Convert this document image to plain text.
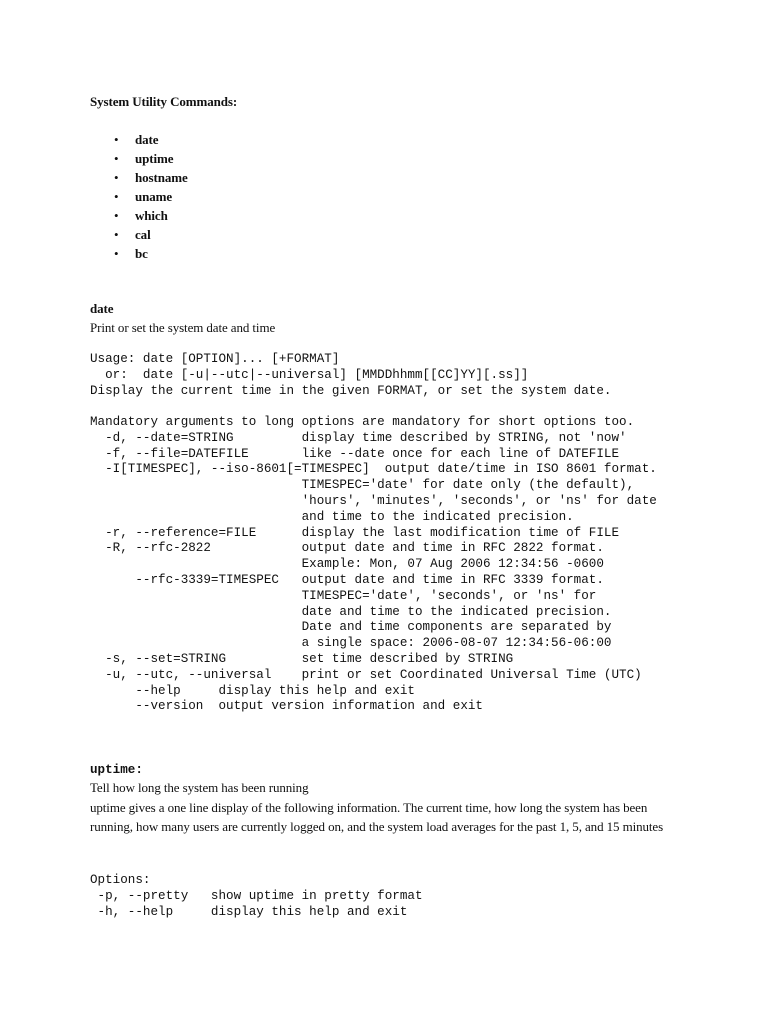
System Utility Commands:
• date
• uptime
• hostname
• uname
• which
• cal
• bc
date
Print or set the system date and time
Usage: date [OPTION]... [+FORMAT]
or:  date [-u|--utc|--universal] [MMDDhhmm[[CC]YY][.ss]]
Display the current time in the given FORMAT, or set the system date.
Mandatory arguments to long options are mandatory for short options too.
-d, --date=STRING         display time described by STRING, not 'now'
-f, --file=DATEFILE       like --date once for each line of DATEFILE
-I[TIMESPEC], --iso-8601[=TIMESPEC]  output date/time in ISO 8601 format.
TIMESPEC='date' for date only (the default),
'hours', 'minutes', 'seconds', or 'ns' for date
and time to the indicated precision.
-r, --reference=FILE      display the last modification time of FILE
-R, --rfc-2822            output date and time in RFC 2822 format.
Example: Mon, 07 Aug 2006 12:34:56 -0600
--rfc-3339=TIMESPEC   output date and time in RFC 3339 format.
TIMESPEC='date', 'seconds', or 'ns' for
date and time to the indicated precision.
Date and time components are separated by
a single space: 2006-08-07 12:34:56-06:00
-s, --set=STRING          set time described by STRING
-u, --utc, --universal    print or set Coordinated Universal Time (UTC)
--help     display this help and exit
--version  output version information and exit
uptime:
Tell how long the system has been running

uptime gives a one line display of the following information. The current time, how long the system has been running, how many users are currently logged on, and the system load averages for the past 1, 5, and 15 minutes

Options:
-p, --pretty   show uptime in pretty format
-h, --help     display this help and exit
